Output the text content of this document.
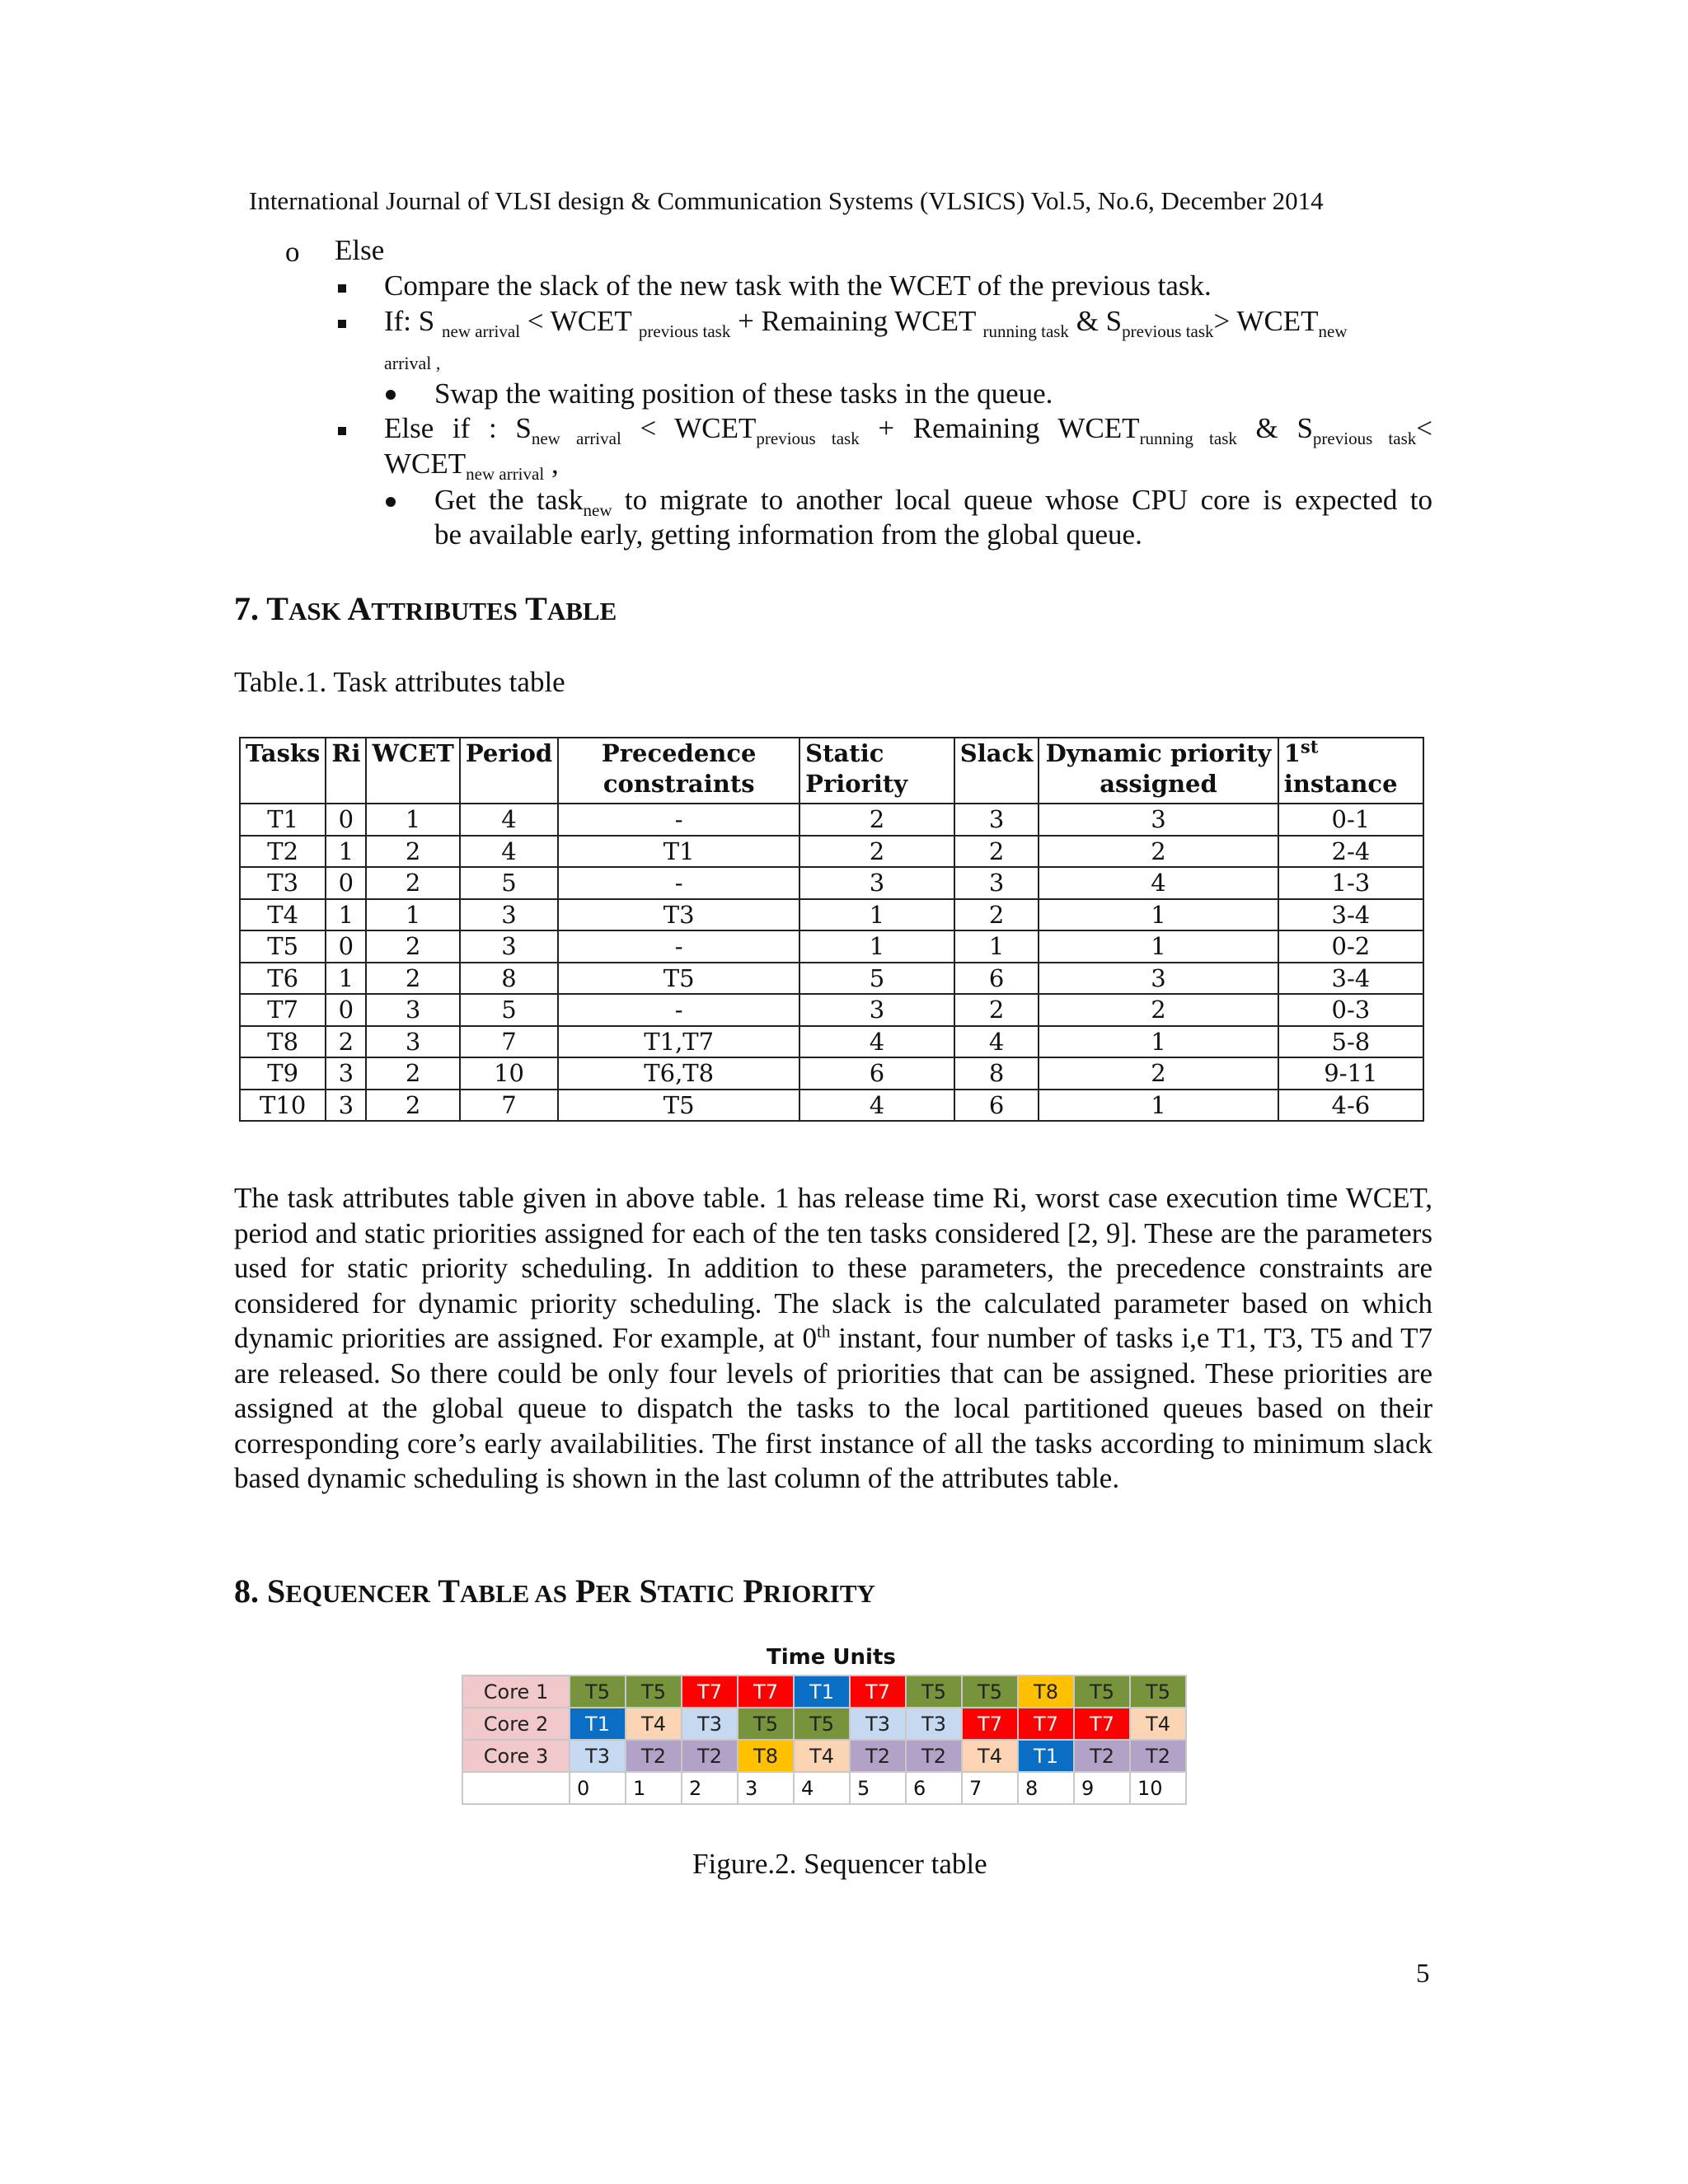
International Journal of VLSI design & Communication Systems (VLSICS) Vol.5, No.6, December 2014
o Else
Compare the slack of the new task with the WCET of the previous task.
If: S $_{new arrival}$ < WCET $_{previous task}$ + Remaining WCET $_{running task}$ & $S_{previous task}>$ $WCET_{new}$
arrival ,
Swap the waiting position of these tasks in the queue.
Else if : $S_{new arrival}$ < $WCET_{previous task}$ + Remaining $WCET_{running task}$ & $S_{previous task}<$
$WCET_{new arrival}$ ,
Get the task$_{new}$ to migrate to another local queue whose CPU core is expected to
be available early, getting information from the global queue.
7. TASK ATTRIBUTES TABLE
Table.1. Task attributes table
Tasks	Ri	WCET	Period	Precedence constraints	Static Priority	Slack	Dynamic priority assigned	1st instance
T1	0	1	4	-	2	3	3	0-1
T2	1	2	4	T1	2	2	2	2-4
T3	0	2	5	-	3	3	4	1-3
T4	1	1	3	T3	1	2	1	3-4
T5	0	2	3	-	1	1	1	0-2
T6	1	2	8	T5	5	6	3	3-4
T7	0	3	5	-	3	2	2	0-3
T8	2	3	7	T1,T7	4	4	1	5-8
T9	3	2	10	T6,T8	6	8	2	9-11
T10	3	2	7	T5	4	6	1	4-6
The task attributes table given in above table. 1 has release time Ri, worst case execution time WCET, period and static priorities assigned for each of the ten tasks considered [2, 9]. These are the parameters used for static priority scheduling. In addition to these parameters, the precedence constraints are considered for dynamic priority scheduling. The slack is the calculated parameter based on which dynamic priorities are assigned. For example, at 0th instant, four number of tasks i,e T1, T3, T5 and T7 are released. So there could be only four levels of priorities that can be assigned. These priorities are assigned at the global queue to dispatch the tasks to the local partitioned queues based on their corresponding core’s early availabilities. The first instance of all the tasks according to minimum slack based dynamic scheduling is shown in the last column of the attributes table.
8. SEQUENCER TABLE AS PER STATIC PRIORITY
Time Units
Core 1	T5	T5	T7	T7	T1	T7	T5	T5	T8	T5	T5
Core 2	T1	T4	T3	T5	T5	T3	T3	T7	T7	T7	T4
Core 3	T3	T2	T2	T8	T4	T2	T2	T4	T1	T2	T2
	0	1	2	3	4	5	6	7	8	9	10
Figure.2. Sequencer table
5
